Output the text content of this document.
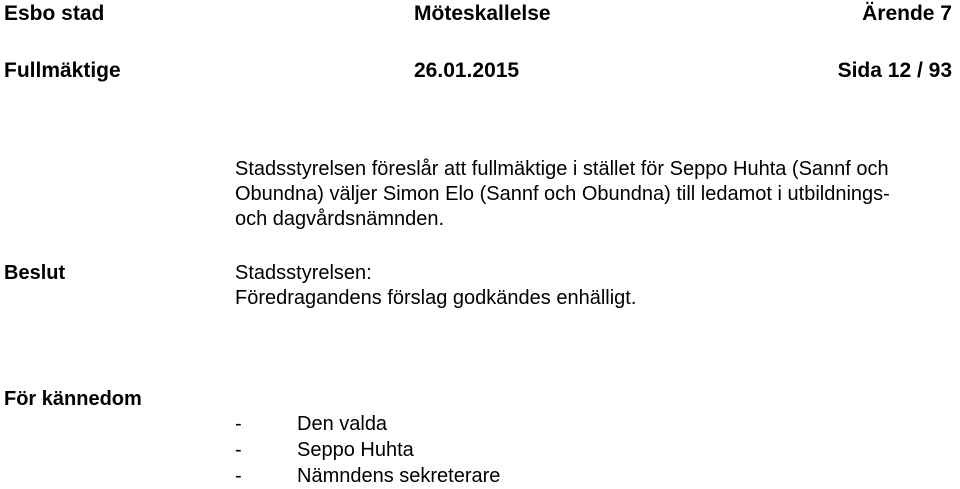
Esbo stad	Möteskallelse	Ärende 7
Fullmäktige	26.01.2015	Sida 12 / 93

Stadsstyrelsen föreslår att fullmäktige i stället för Seppo Huhta (Sannf och
Obundna) väljer Simon Elo (Sannf och Obundna) till ledamot i utbildnings-
och dagvårdsnämnden.

Beslut	Stadsstyrelsen:
Föredragandens förslag godkändes enhälligt.

För kännedom
-	Den valda
-	Seppo Huhta
-	Nämndens sekreterare
